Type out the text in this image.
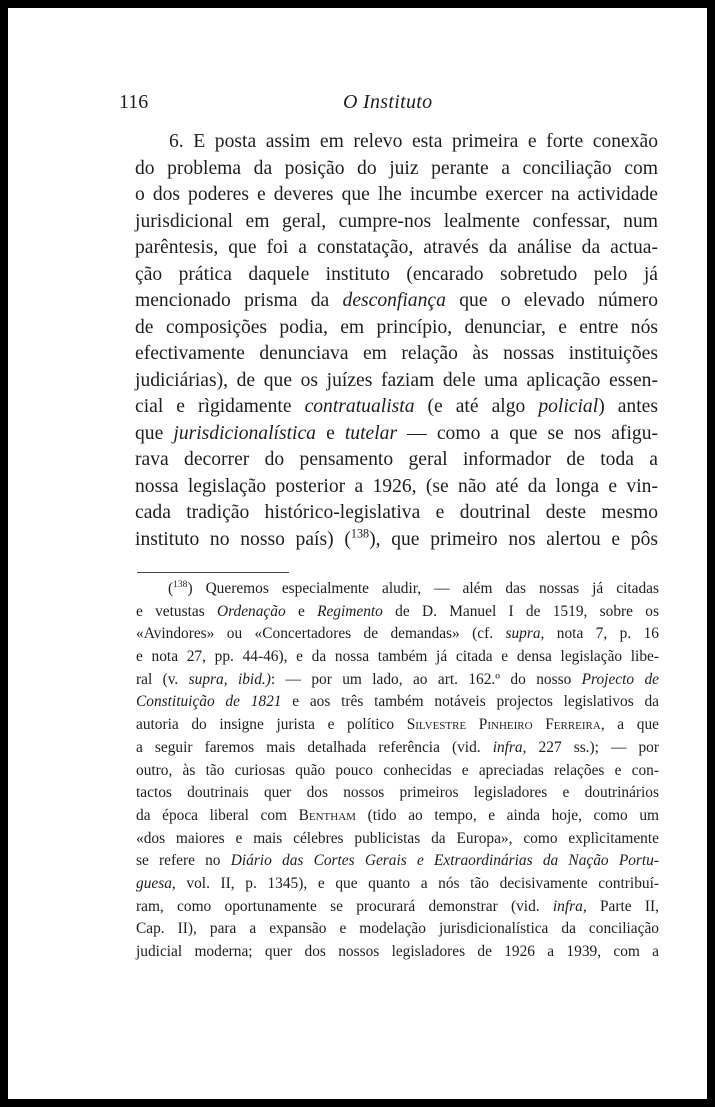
116	O Instituto
6. E posta assim em relevo esta primeira e forte conexão
do problema da posição do juiz perante a conciliação com
o dos poderes e deveres que lhe incumbe exercer na actividade
jurisdicional em geral, cumpre-nos lealmente confessar, num
parêntesis, que foi a constatação, através da análise da actua-
ção prática daquele instituto (encarado sobretudo pelo já
mencionado prisma da desconfiança que o elevado número
de composições podia, em princípio, denunciar, e entre nós
efectivamente denunciava em relação às nossas instituições
judiciárias), de que os juízes faziam dele uma aplicação essen-
cial e rìgidamente contratualista (e até algo policial) antes
que jurisdicionalística e tutelar — como a que se nos afigu-
rava decorrer do pensamento geral informador de toda a
nossa legislação posterior a 1926, (se não até da longa e vin-
cada tradição histórico-legislativa e doutrinal deste mesmo
instituto no nosso país) ($^{138}$), que primeiro nos alertou e pôs
($^{138}$) Queremos especialmente aludir, — além das nossas já citadas
e vetustas Ordenação e Regimento de D. Manuel I de 1519, sobre os
«Avindores» ou «Concertadores de demandas» (cf. supra, nota 7, p. 16
e nota 27, pp. 44-46), e da nossa também já citada e densa legislação libe-
ral (v. supra, ibid.): — por um lado, ao art. 162.º do nosso Projecto de
Constituição de 1821 e aos três também notáveis projectos legislativos da
autoria do insigne jurista e político Silvestre Pinheiro Ferreira, a que
a seguir faremos mais detalhada referência (vid. infra, 227 ss.); — por
outro, às tão curiosas quão pouco conhecidas e apreciadas relações e con-
tactos doutrinais quer dos nossos primeiros legisladores e doutrinários
da época liberal com Bentham (tido ao tempo, e ainda hoje, como um
«dos maiores e mais célebres publicistas da Europa», como explìcitamente
se refere no Diário das Cortes Gerais e Extraordinárias da Nação Portu-
guesa, vol. II, p. 1345), e que quanto a nós tão decisivamente contribuí-
ram, como oportunamente se procurará demonstrar (vid. infra, Parte II,
Cap. II), para a expansão e modelação jurisdicionalística da conciliação
judicial moderna; quer dos nossos legisladores de 1926 a 1939, com a
